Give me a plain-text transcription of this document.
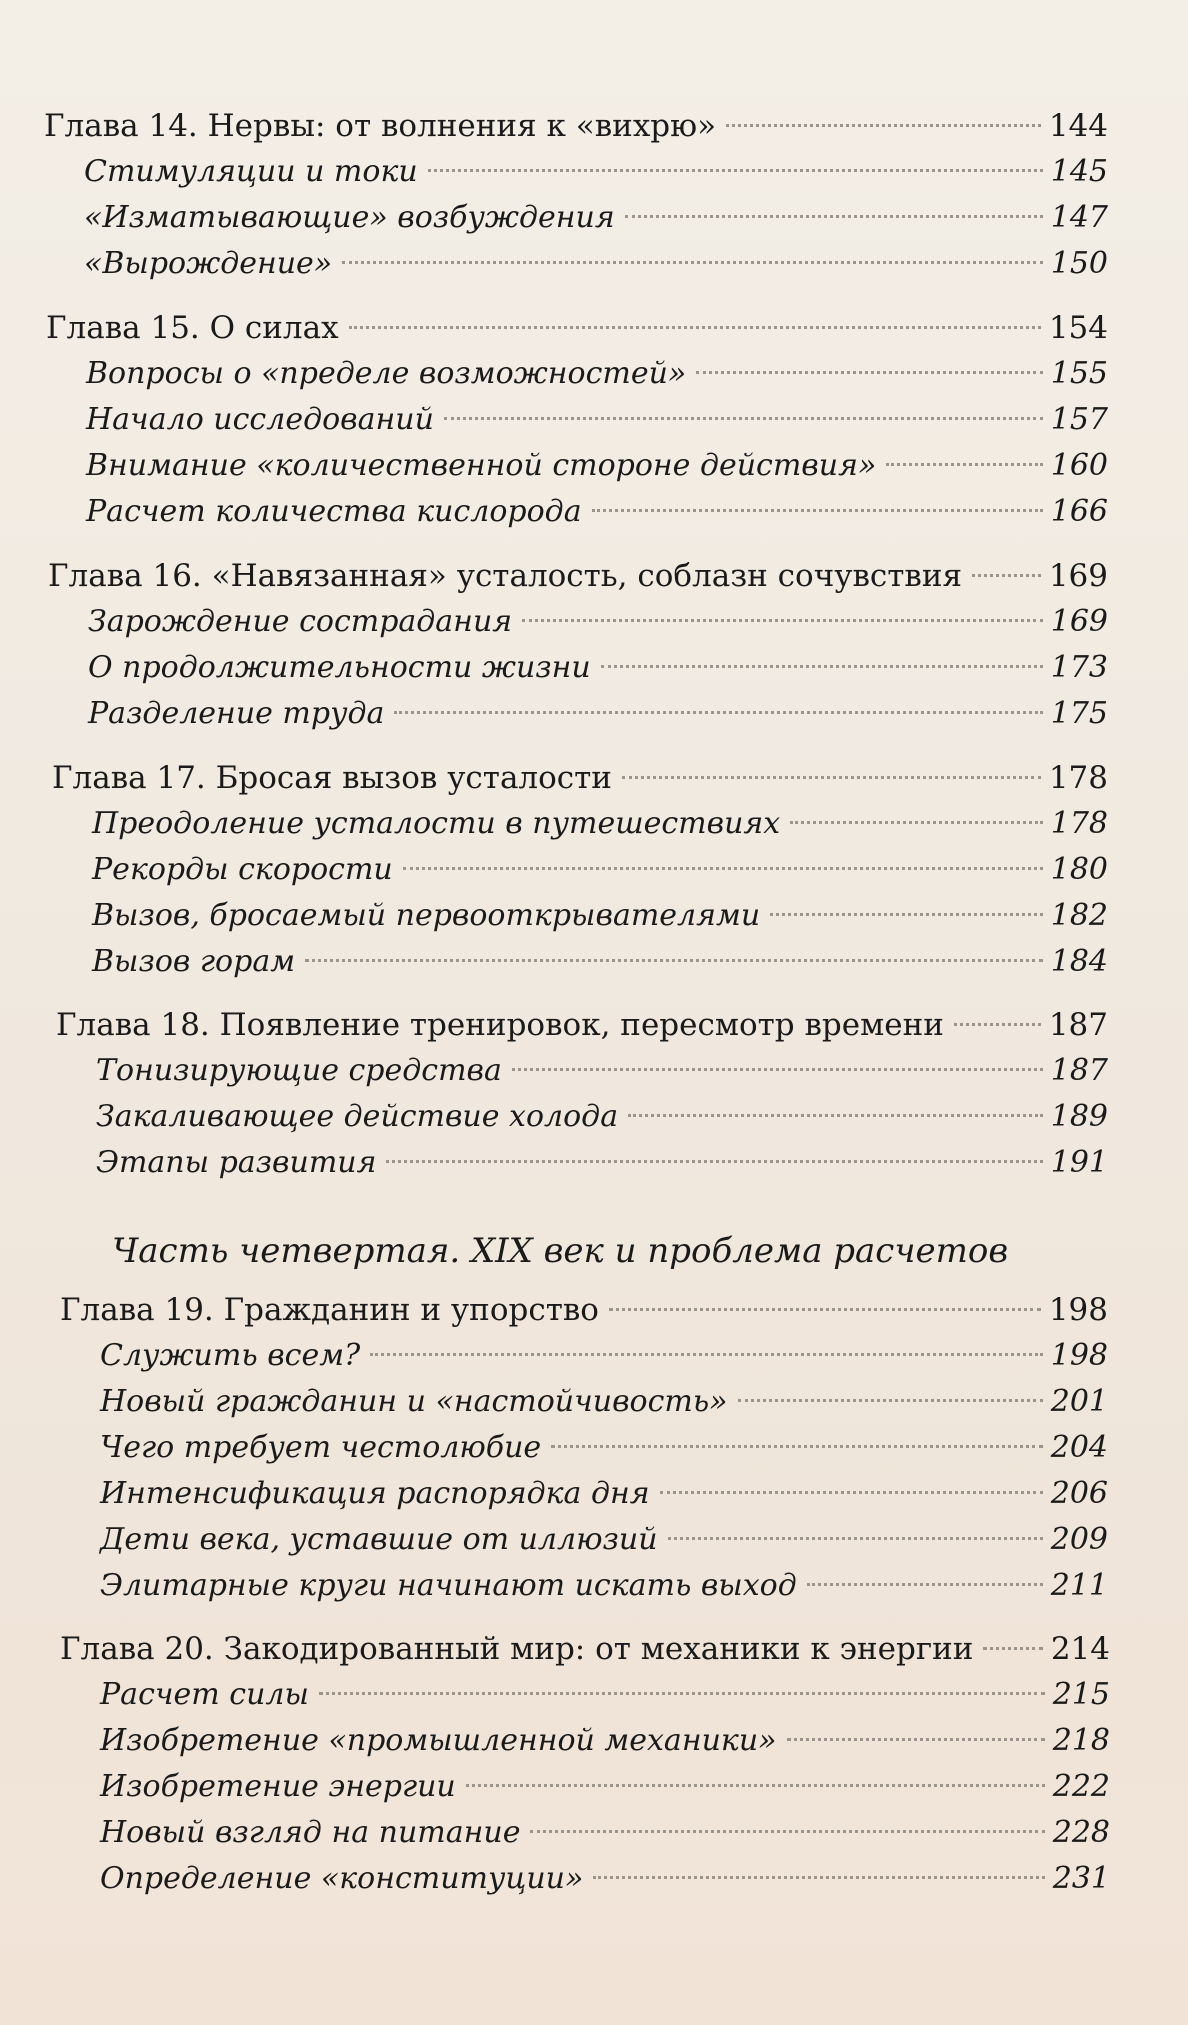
Глава 14. Нервы: от волнения к «вихрю»	144
Стимуляции и токи	145
«Изматывающие» возбуждения	147
«Вырождение»	150
Глава 15. О силах	154
Вопросы о «пределе возможностей»	155
Начало исследований	157
Внимание «количественной стороне действия»	160
Расчет количества кислорода	166
Глава 16. «Навязанная» усталость, соблазн сочувствия	169
Зарождение сострадания	169
О продолжительности жизни	173
Разделение труда	175
Глава 17. Бросая вызов усталости	178
Преодоление усталости в путешествиях	178
Рекорды скорости	180
Вызов, бросаемый первооткрывателями	182
Вызов горам	184
Глава 18. Появление тренировок, пересмотр времени	187
Тонизирующие средства	187
Закаливающее действие холода	189
Этапы развития	191
Часть четвертая. XIX век и проблема расчетов
Глава 19. Гражданин и упорство	198
Служить всем?	198
Новый гражданин и «настойчивость»	201
Чего требует честолюбие	204
Интенсификация распорядка дня	206
Дети века, уставшие от иллюзий	209
Элитарные круги начинают искать выход	211
Глава 20. Закодированный мир: от механики к энергии 214
Расчет силы	215
Изобретение «промышленной механики»	218
Изобретение энергии	222
Новый взгляд на питание	228
Определение «конституции»	231
